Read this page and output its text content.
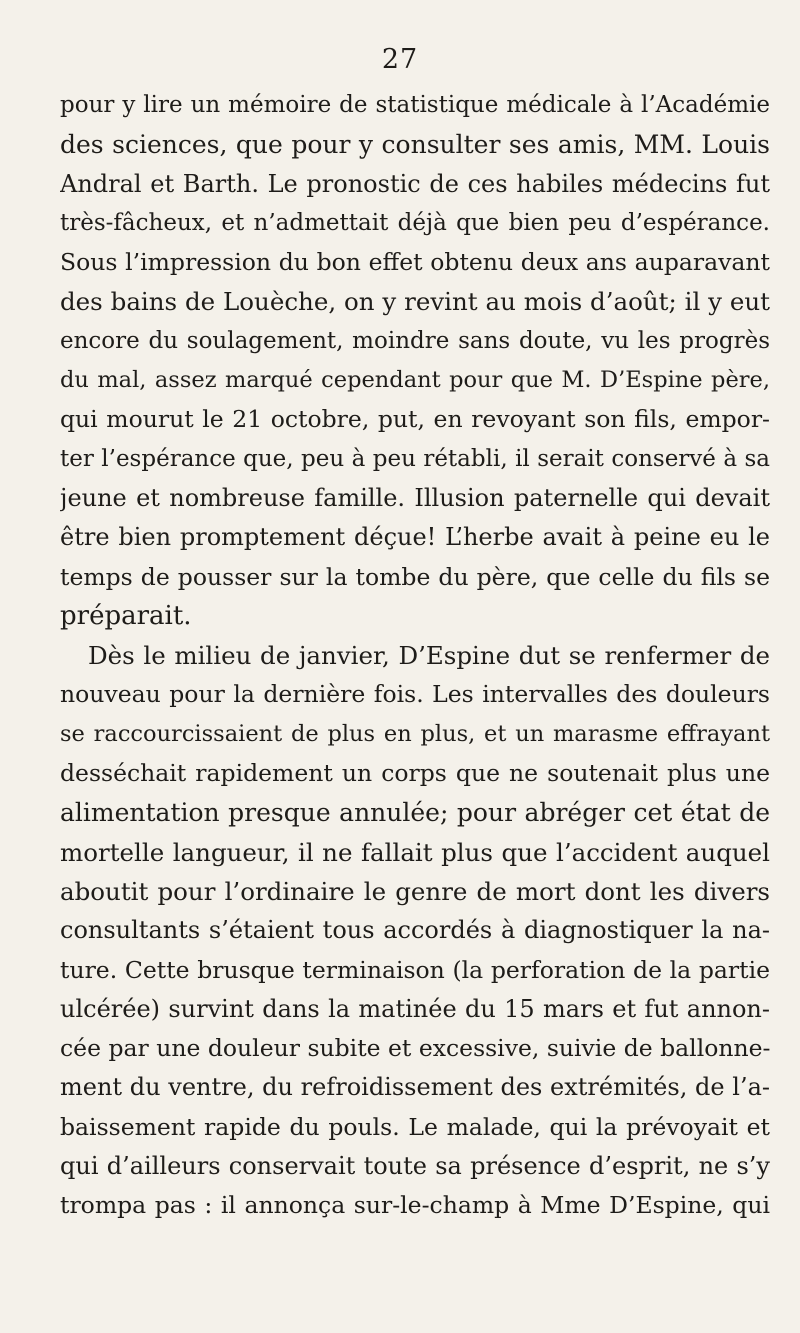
27
pour y lire un mémoire de statistique médicale à l’Académie
des sciences, que pour y consulter ses amis, MM. Louis
Andral et Barth. Le pronostic de ces habiles médecins fut
très-fâcheux, et n’admettait déjà que bien peu d’espérance.
Sous l’impression du bon effet obtenu deux ans auparavant
des bains de Louèche, on y revint au mois d’août; il y eut
encore du soulagement, moindre sans doute, vu les progrès
du mal, assez marqué cependant pour que M. D’Espine père,
qui mourut le 21 octobre, put, en revoyant son fils, empor-
ter l’espérance que, peu à peu rétabli, il serait conservé à sa
jeune et nombreuse famille. Illusion paternelle qui devait
être bien promptement déçue! L’herbe avait à peine eu le
temps de pousser sur la tombe du père, que celle du fils se
préparait.
Dès le milieu de janvier, D’Espine dut se renfermer de
nouveau pour la dernière fois. Les intervalles des douleurs
se raccourcissaient de plus en plus, et un marasme effrayant
desséchait rapidement un corps que ne soutenait plus une
alimentation presque annulée; pour abréger cet état de
mortelle langueur, il ne fallait plus que l’accident auquel
aboutit pour l’ordinaire le genre de mort dont les divers
consultants s’étaient tous accordés à diagnostiquer la na-
ture. Cette brusque terminaison (la perforation de la partie
ulcérée) survint dans la matinée du 15 mars et fut annon-
cée par une douleur subite et excessive, suivie de ballonne-
ment du ventre, du refroidissement des extrémités, de l’a-
baissement rapide du pouls. Le malade, qui la prévoyait et
qui d’ailleurs conservait toute sa présence d’esprit, ne s’y
trompa pas : il annonça sur-le-champ à Mme D’Espine, qui
